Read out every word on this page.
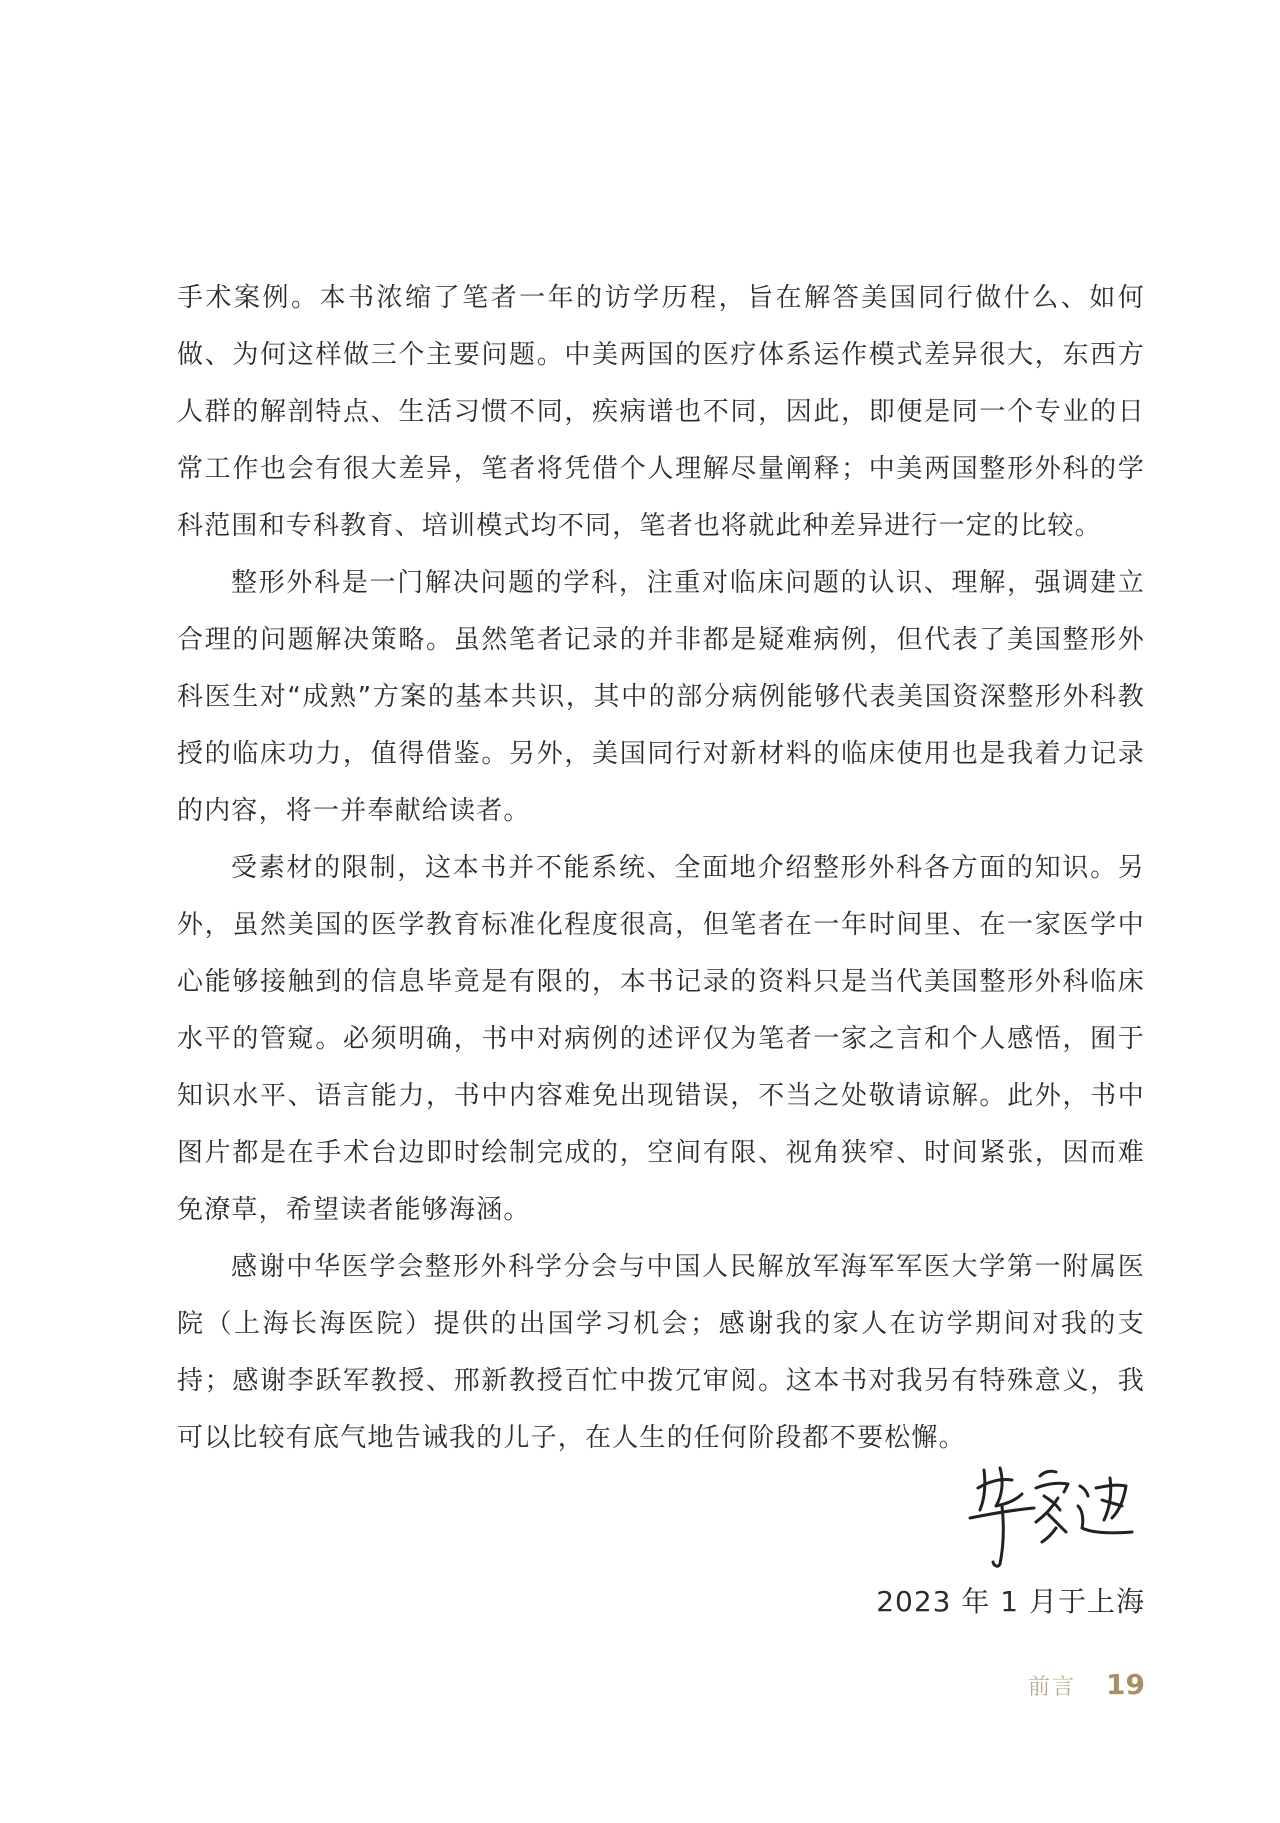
手术案例。本书浓缩了笔者一年的访学历程，旨在解答美国同行做什么、如何做、为何这样做三个主要问题。中美两国的医疗体系运作模式差异很大，东西方人群的解剖特点、生活习惯不同，疾病谱也不同，因此，即便是同一个专业的日常工作也会有很大差异，笔者将凭借个人理解尽量阐释；中美两国整形外科的学科范围和专科教育、培训模式均不同，笔者也将就此种差异进行一定的比较。

整形外科是一门解决问题的学科，注重对临床问题的认识、理解，强调建立合理的问题解决策略。虽然笔者记录的并非都是疑难病例，但代表了美国整形外科医生对“成熟”方案的基本共识，其中的部分病例能够代表美国资深整形外科教授的临床功力，值得借鉴。另外，美国同行对新材料的临床使用也是我着力记录的内容，将一并奉献给读者。

受素材的限制，这本书并不能系统、全面地介绍整形外科各方面的知识。另外，虽然美国的医学教育标准化程度很高，但笔者在一年时间里、在一家医学中心能够接触到的信息毕竟是有限的，本书记录的资料只是当代美国整形外科临床水平的管窥。必须明确，书中对病例的述评仅为笔者一家之言和个人感悟，囿于知识水平、语言能力，书中内容难免出现错误，不当之处敬请谅解。此外，书中图片都是在手术台边即时绘制完成的，空间有限、视角狭窄、时间紧张，因而难免潦草，希望读者能够海涵。

感谢中华医学会整形外科学分会与中国人民解放军海军军医大学第一附属医院（上海长海医院）提供的出国学习机会；感谢我的家人在访学期间对我的支持；感谢李跃军教授、邢新教授百忙中拨冗审阅。这本书对我另有特殊意义，我可以比较有底气地告诫我的儿子，在人生的任何阶段都不要松懈。

2023 年 1 月于上海
前言 19
